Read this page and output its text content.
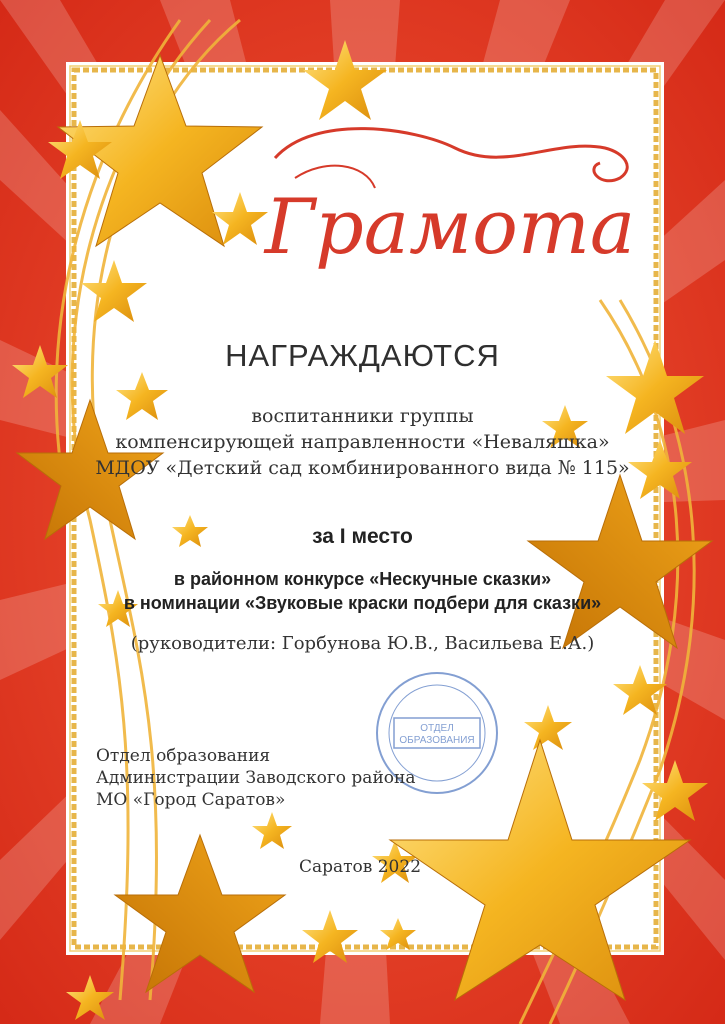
Грамота
НАГРАЖДАЮТСЯ
воспитанники группы
компенсирующей направленности «Неваляшка»
МДОУ «Детский сад комбинированного вида № 115»
за I место
в районном конкурсе «Нескучные сказки»
в номинации «Звуковые краски подбери для сказки»
(руководители: Горбунова Ю.В., Васильева Е.А.)
ОТДЕЛ
ОБРАЗОВАНИЯ
Отдел образования
Администрации Заводского района
МО «Город Саратов»
Саратов 2022
